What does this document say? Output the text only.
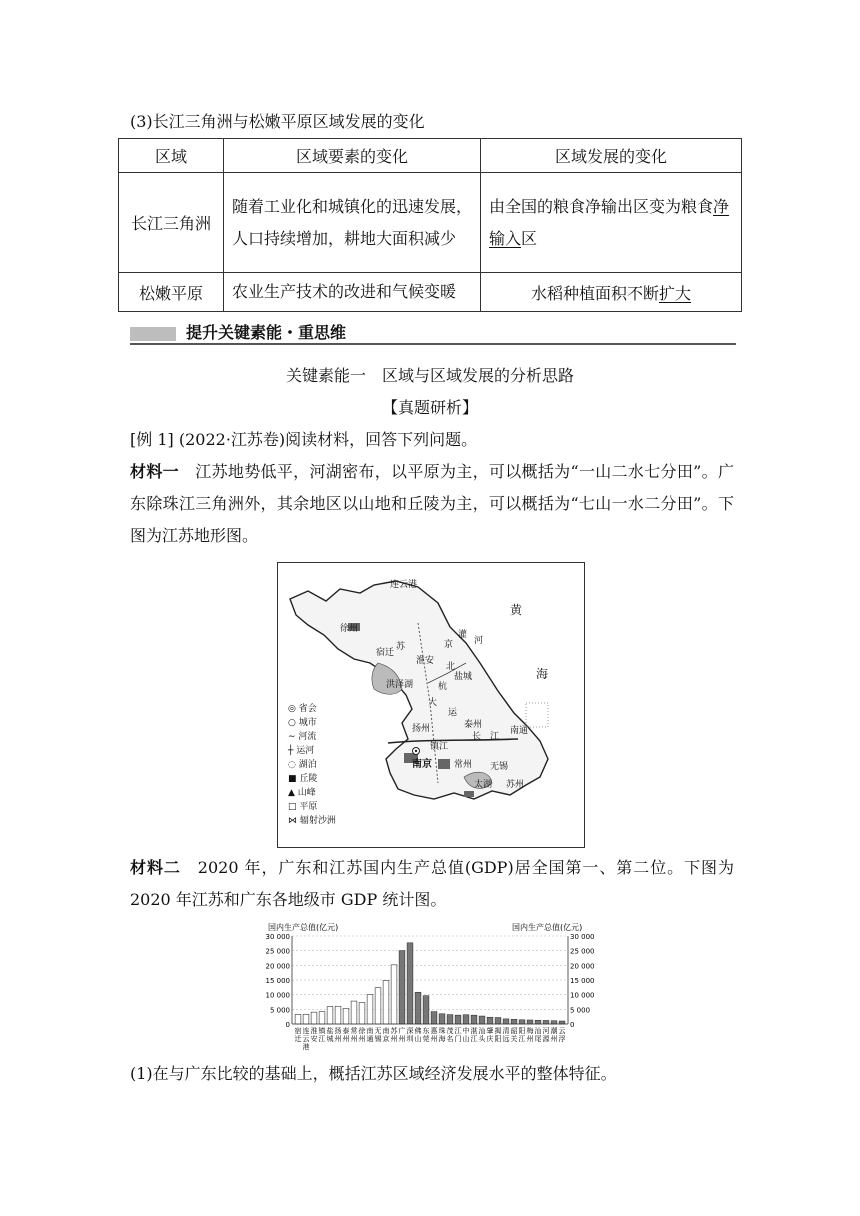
(3)长江三角洲与松嫩平原区域发展的变化
区域	区域要素的变化	区域发展的变化
长江三角洲	随着工业化和城镇化的迅速发展，人口持续增加，耕地大面积减少	由全国的粮食净输出区变为粮食净输入区
松嫩平原	农业生产技术的改进和气候变暖	水稻种植面积不断扩大
提升关键素能・重思维
关键素能一　区域与区域发展的分析思路
【真题研析】
[例 1] (2022·江苏卷)阅读材料，回答下列问题。
材料一　 江苏地势低平，河湖密布，以平原为主，可以概括为“一山二水七分田”。广东除珠江三角洲外，其余地区以山地和丘陵为主，可以概括为“七山一水二分田”。下图为江苏地形图。
连云港
黄
海
徐州
宿迁
淮安
京
杭
大
运
苏
北
灌
河
洪泽湖
盐城
扬州	泰州
长 江
南通
镇江
南京 常州 无锡
太湖 苏州
◎ 省会
○ 城市
∼ 河流
┼ 运河
◌ 湖泊
■ 丘陵
▲ 山峰
□ 平原
⋈ 辐射沙洲
材料二　 2020 年，广东和江苏国内生产总值(GDP)居全国第一、第二位。下图为 2020 年江苏和广东各地级市 GDP 统计图。
国内生产总值(亿元)	国内生产总值(亿元)
30 000	30 000
25 000	25 000
20 000	20 000
15 000	15 000
10 000	10 000
5 000	5 000
0	0
宿
迁
连
云
港
淮
安
镇
江
盐
城
扬
州
泰
州
常
州
徐
州
南
通
无
锡
南
京
苏
州
广
州
深
圳
佛
山
东
莞
惠
州
珠
海
茂
名
江
门
中
山
湛
江
汕
头
肇
庆
揭
阳
清
远
韶
关
阳
江
梅
州
汕
尾
河
源
潮
州
云
浮
(1)在与广东比较的基础上，概括江苏区域经济发展水平的整体特征。
